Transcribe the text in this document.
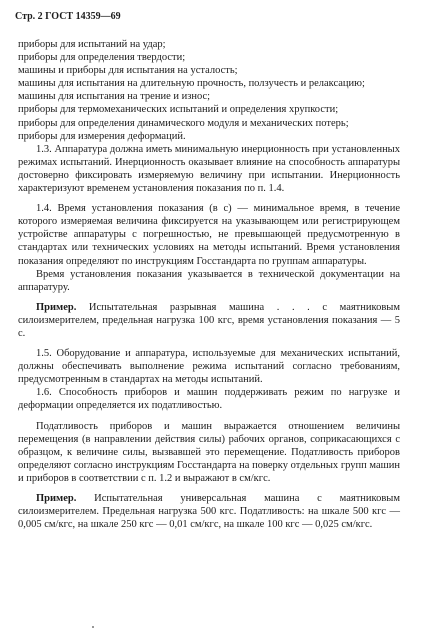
Стр. 2 ГОСТ 14359—69

приборы для испытаний на удар;

приборы для определения твердости;

машины и приборы для испытания на усталость;

машины для испытания на длительную прочность, ползучесть и релаксацию;

машины для испытания на трение и износ;

приборы для термомеханических испытаний и определения хрупкости;

приборы для определения динамического модуля и механических потерь;

приборы для измерения деформаций.

1.3. Аппаратура должна иметь минимальную инерционность при установленных режимах испытаний. Инерционность оказывает влияние на способность аппаратуры достоверно фиксировать измеряемую величину при испытании. Инерционность характеризуют временем установления показания по п. 1.4.

1.4. Время установления показания (в с) — минимальное время, в течение которого измеряемая величина фиксируется на указывающем или регистрирующем устройстве аппаратуры с погрешностью, не превышающей предусмотренную в стандартах или технических условиях на методы испытаний. Время установления показания определяют по инструкциям Госстандарта по группам аппаратуры.

Время установления показания указывается в технической документации на аппаратуру.

Пример. Испытательная разрывная машина . . . с маятниковым силоизмерителем, предельная нагрузка 100 кгс, время установления показания — 5 с.

1.5. Оборудование и аппаратура, используемые для механических испытаний, должны обеспечивать выполнение режима испытаний согласно требованиям, предусмотренным в стандартах на методы испытаний.

1.6. Способность приборов и машин поддерживать режим по нагрузке и деформации определяется их податливостью.

Податливость приборов и машин выражается отношением величины перемещения (в направлении действия силы) рабочих органов, соприкасающихся с образцом, к величине силы, вызвавшей это перемещение. Податливость приборов определяют согласно инструкциям Госстандарта на поверку отдельных групп машин и приборов в соответствии с п. 1.2 и выражают в см/кгс.

Пример. Испытательная универсальная машина с маятниковым силоизмерителем. Предельная нагрузка 500 кгс. Податливость: на шкале 500 кгс — 0,005 см/кгс, на шкале 250 кгс — 0,01 см/кгс, на шкале 100 кгс — 0,025 см/кгс.
